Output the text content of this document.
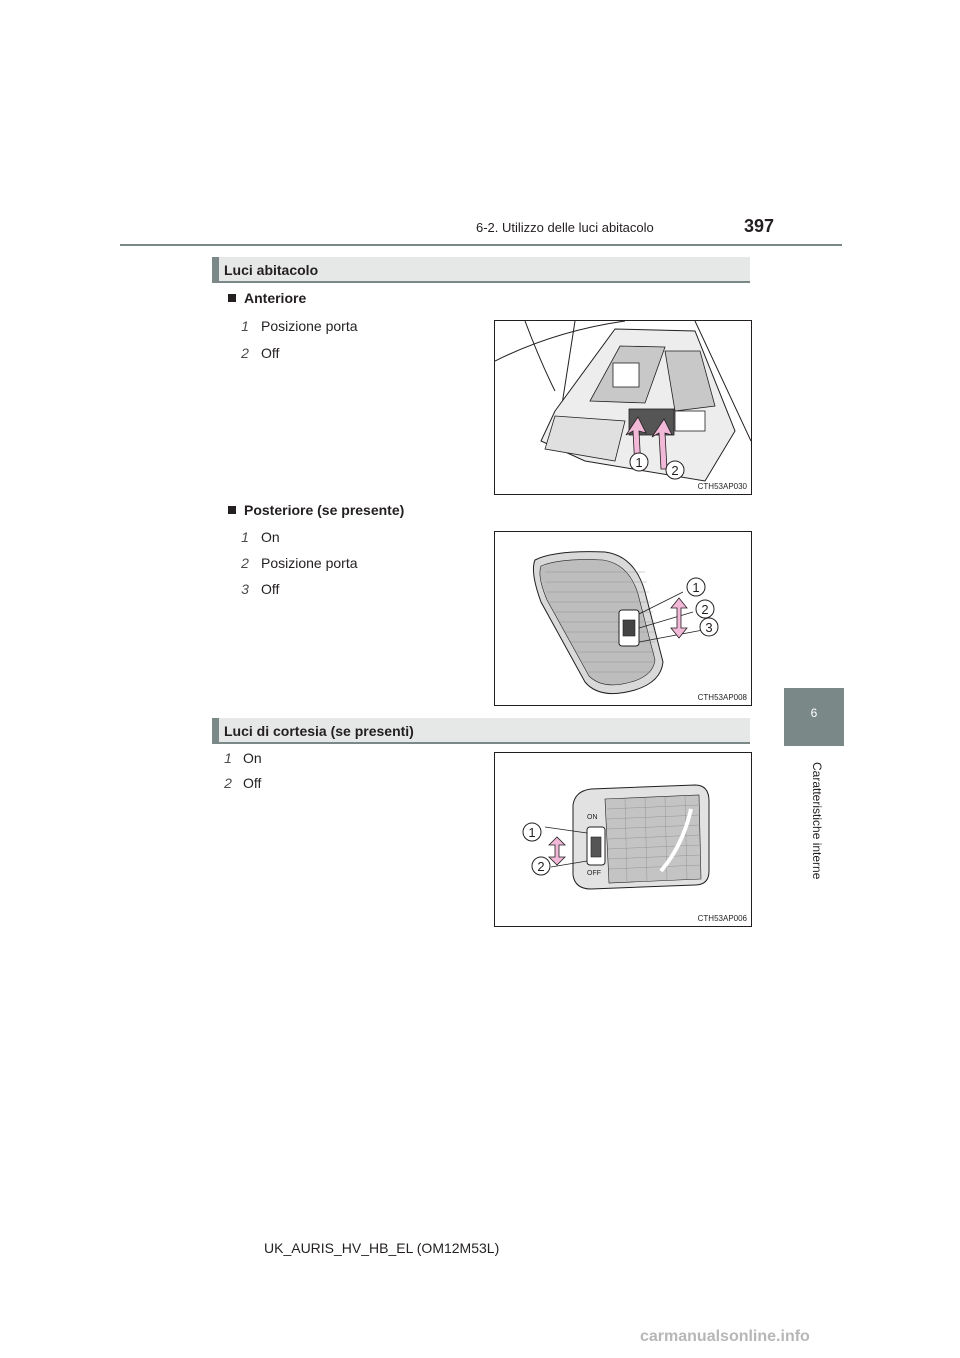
6-2. Utilizzo delle luci abitacolo	397
6
Caratteristiche interne
Luci abitacolo
Anteriore
1 Posizione porta
2 Off
1
2
CTH53AP030
Posteriore (se presente)
1 On
2 Posizione porta
3 Off	1
2
3
CTH53AP008
Luci di cortesia (se presenti)
1 On
2 Off
ON
OFF
1
2
CTH53AP006
UK_AURIS_HV_HB_EL (OM12M53L)
carmanualsonline.info
